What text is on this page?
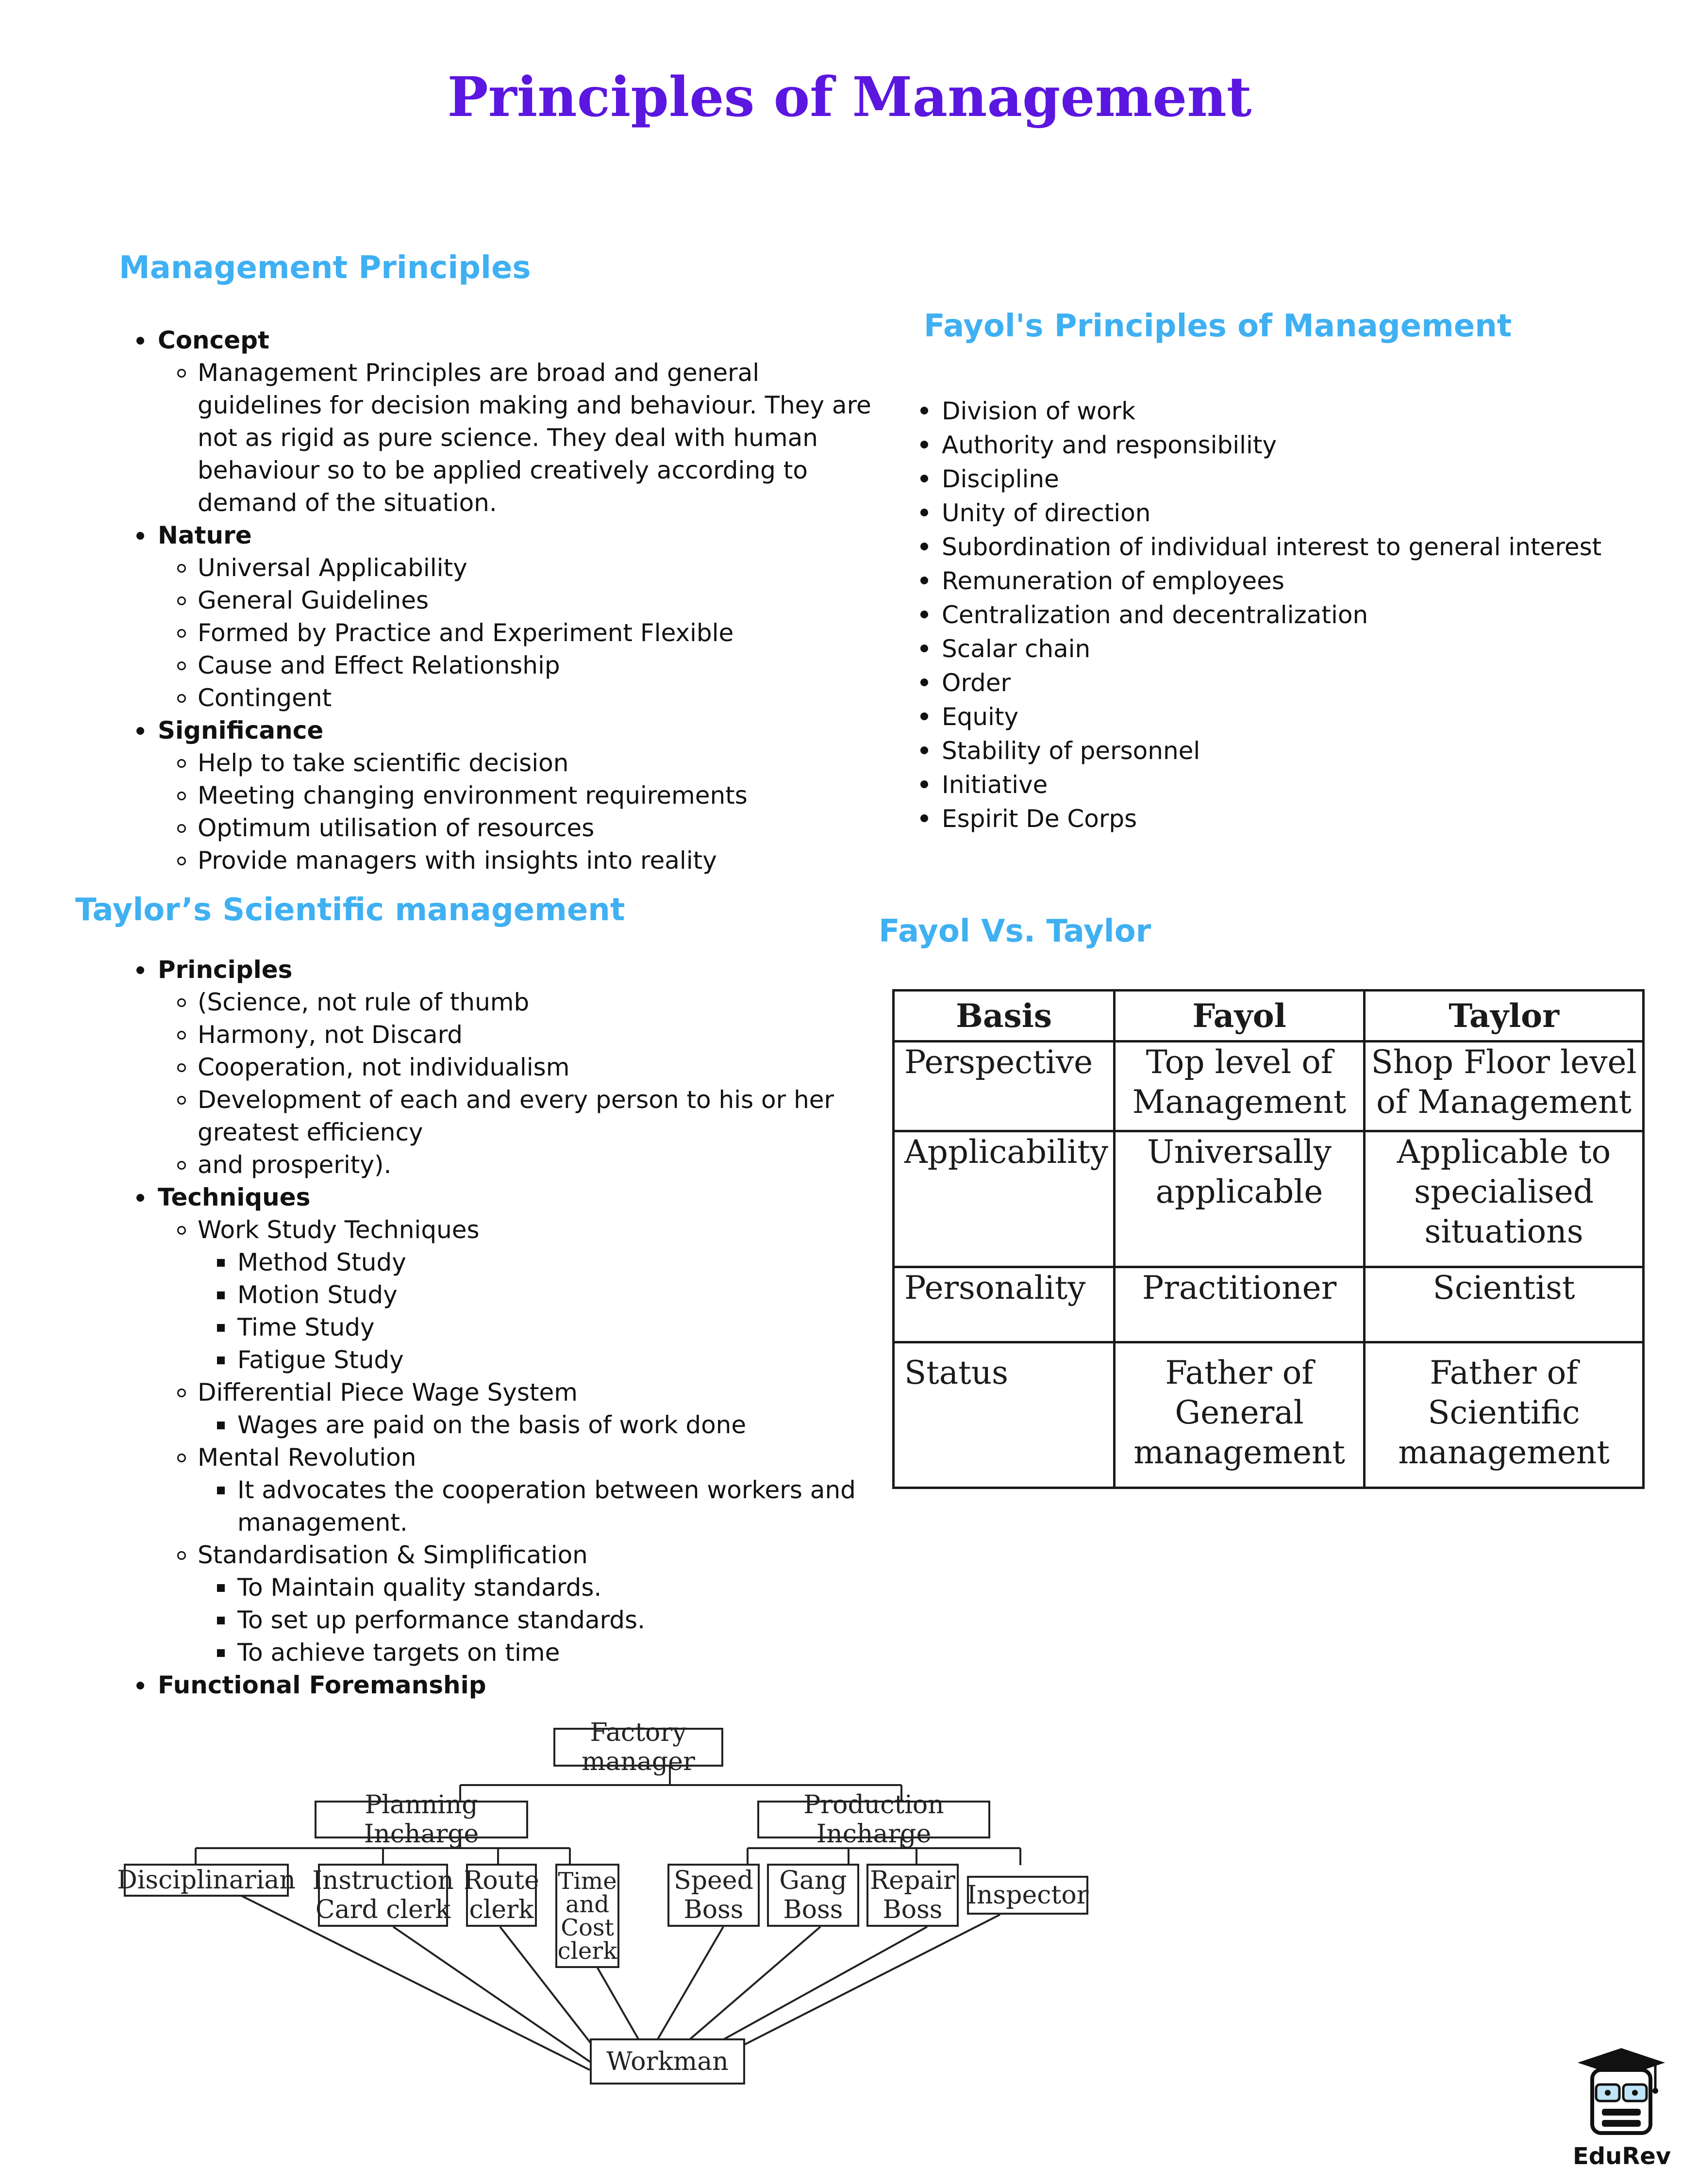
Principles of Management
Management Principles
Concept
Management Principles are broad and general guidelines for decision making and behaviour. They are not as rigid as pure science. They deal with human behaviour so to be applied creatively according to demand of the situation.
Nature
Universal Applicability
General Guidelines
Formed by Practice and Experiment Flexible
Cause and Effect Relationship
Contingent
Significance
Help to take scientific decision
Meeting changing environment requirements
Optimum utilisation of resources
Provide managers with insights into reality
Fayol's Principles of Management
Division of work
Authority and responsibility
Discipline
Unity of direction
Subordination of individual interest to general interest
Remuneration of employees
Centralization and decentralization
Scalar chain
Order
Equity
Stability of personnel
Initiative
Espirit De Corps
Taylor’s Scientific management
Principles
(Science, not rule of thumb
Harmony, not Discard
Cooperation, not individualism
Development of each and every person to his or her greatest efficiency
and prosperity).
Techniques
Work Study Techniques
Method Study
Motion Study
Time Study
Fatigue Study
Differential Piece Wage System
Wages are paid on the basis of work done
Mental Revolution
It advocates the cooperation between workers and management.
Standardisation & Simplification
To Maintain quality standards.
To set up performance standards.
To achieve targets on time
Functional Foremanship
Fayol Vs. Taylor
Basis	Fayol	Taylor
Perspective	Top level of Management	Shop Floor level of Management
Applicability	Universally applicable	Applicable to specialised situations
Personality	Practitioner	Scientist
Status	Father of General management	Father of Scientific management
Factory manager
Planning Incharge
Production Incharge
Disciplinarian Instruction
Card clerk
Route
clerk
Time
and
Cost
clerk
Speed
Boss
Gang
Boss
Repair
Boss Inspector
Workman
EduRev
